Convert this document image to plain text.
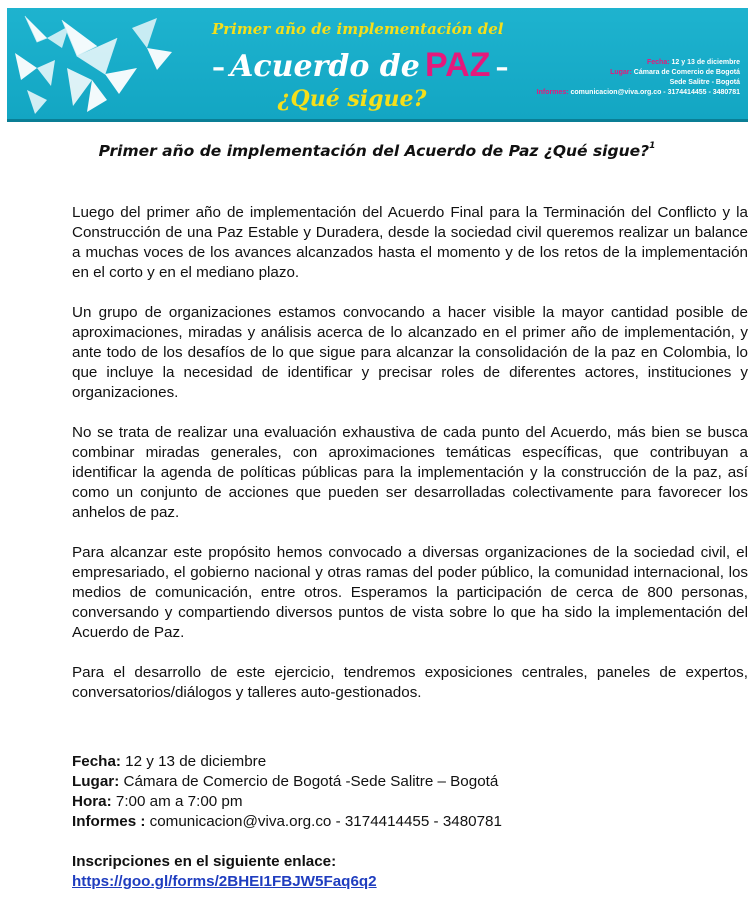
Primer año de implementación del
– Acuerdo de PAZ –
¿Qué sigue?
Fecha: 12 y 13 de diciembre
Lugar: Cámara de Comercio de Bogotá
Sede Salitre - Bogotá
Informes: comunicacion@viva.org.co - 3174414455 - 3480781
Primer año de implementación del Acuerdo de Paz ¿Qué sigue?$^1$

Luego del primer año de implementación del Acuerdo Final para la Terminación del Conflicto y la Construcción de una Paz Estable y Duradera, desde la sociedad civil queremos realizar un balance a muchas voces de los avances alcanzados hasta el momento y de los retos de la implementación en el corto y en el mediano plazo.

Un grupo de organizaciones estamos convocando a hacer visible la mayor cantidad posible de aproximaciones, miradas y análisis acerca de lo alcanzado en el primer año de implementación, y ante todo de los desafíos de lo que sigue para alcanzar la consolidación de la paz en Colombia, lo que incluye la necesidad de identificar y precisar roles de diferentes actores, instituciones y organizaciones.

No se trata de realizar una evaluación exhaustiva de cada punto del Acuerdo, más bien se busca combinar miradas generales, con aproximaciones temáticas específicas, que contribuyan a identificar la agenda de políticas públicas para la implementación y la construcción de la paz, así como un conjunto de acciones que pueden ser desarrolladas colectivamente para favorecer los anhelos de paz.

Para alcanzar este propósito hemos convocado a diversas organizaciones de la sociedad civil, el empresariado, el gobierno nacional y otras ramas del poder público, la comunidad internacional, los medios de comunicación, entre otros. Esperamos la participación de cerca de 800 personas, conversando y compartiendo diversos puntos de vista sobre lo que ha sido la implementación del Acuerdo de Paz.

Para el desarrollo de este ejercicio, tendremos exposiciones centrales, paneles de expertos, conversatorios/diálogos y talleres auto-gestionados.

Fecha: 12 y 13 de diciembre
Lugar: Cámara de Comercio de Bogotá -Sede Salitre – Bogotá
Hora: 7:00 am a 7:00 pm
Informes : comunicacion@viva.org.co - 3174414455 - 3480781
Inscripciones en el siguiente enlace:
https://goo.gl/forms/2BHEI1FBJW5Faq6q2
